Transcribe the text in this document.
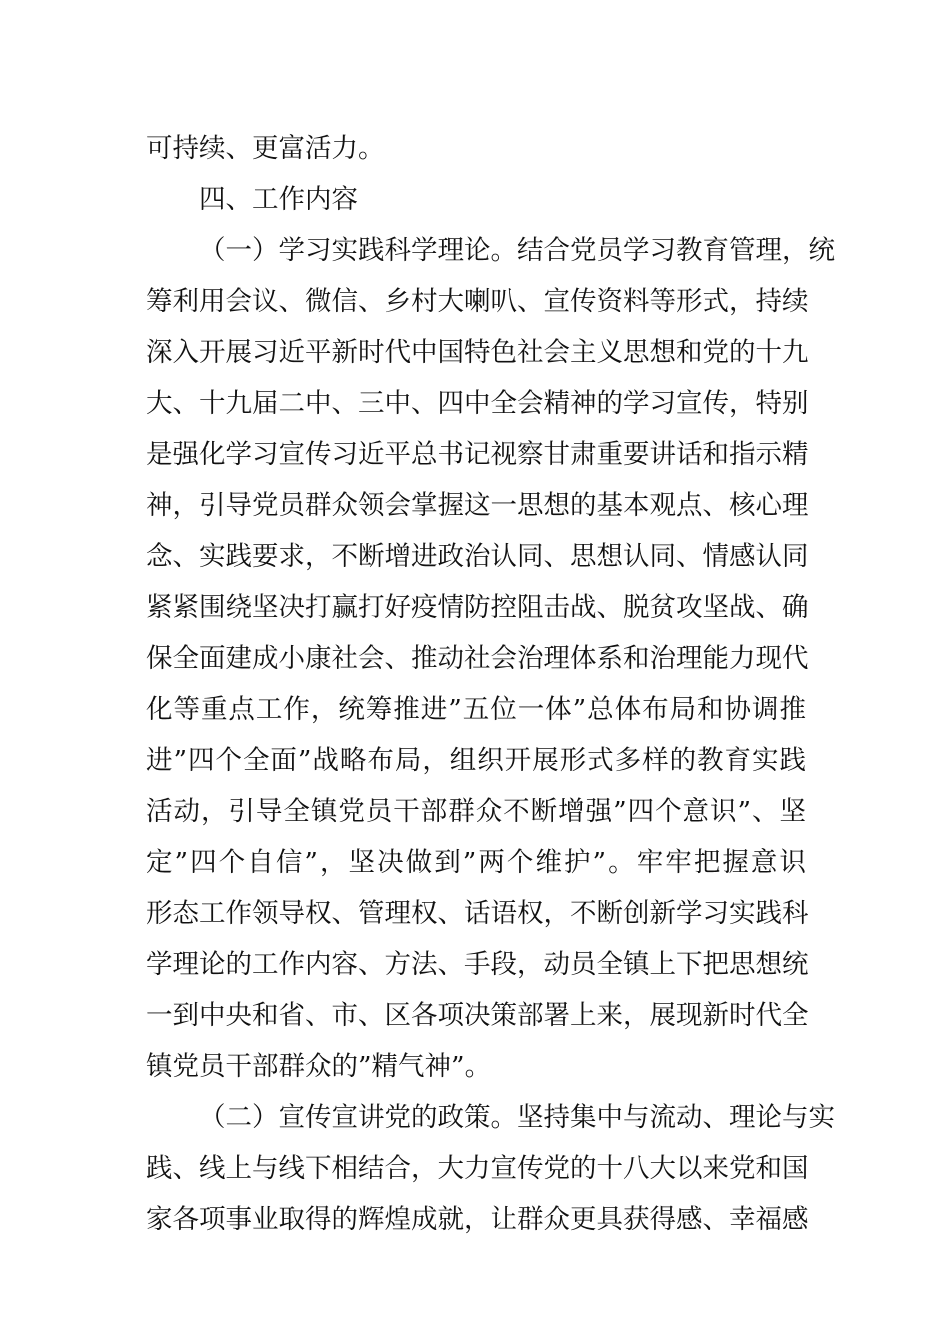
可持续、更富活力。
四、工作内容
（一）学习实践科学理论。结合党员学习教育管理，统
筹利用会议、微信、乡村大喇叭、宣传资料等形式，持续
深入开展习近平新时代中国特色社会主义思想和党的十九
大、十九届二中、三中、四中全会精神的学习宣传，特别
是强化学习宣传习近平总书记视察甘肃重要讲话和指示精
神，引导党员群众领会掌握这一思想的基本观点、核心理
念、实践要求，不断增进政治认同、思想认同、情感认同
紧紧围绕坚决打赢打好疫情防控阻击战、脱贫攻坚战、确
保全面建成小康社会、推动社会治理体系和治理能力现代
化等重点工作，统筹推进”五位一体”总体布局和协调推
进”四个全面”战略布局，组织开展形式多样的教育实践
活动，引导全镇党员干部群众不断增强”四个意识”、坚
定”四个自信”，坚决做到”两个维护”。牢牢把握意识
形态工作领导权、管理权、话语权，不断创新学习实践科
学理论的工作内容、方法、手段，动员全镇上下把思想统
一到中央和省、市、区各项决策部署上来，展现新时代全
镇党员干部群众的”精气神”。
（二）宣传宣讲党的政策。坚持集中与流动、理论与实
践、线上与线下相结合，大力宣传党的十八大以来党和国
家各项事业取得的辉煌成就，让群众更具获得感、幸福感
